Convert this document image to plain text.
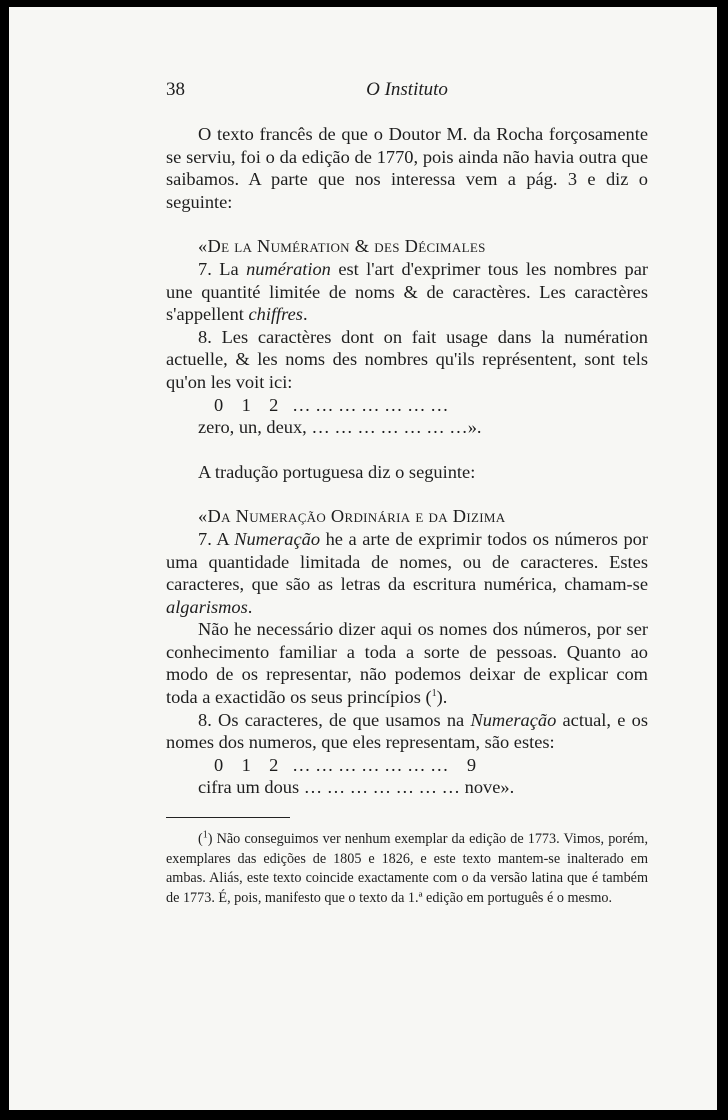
38	O Instituto

O texto francês de que o Doutor M. da Rocha forçosamente se serviu, foi o da edição de 1770, pois ainda não havia outra que saibamos. A parte que nos interessa vem a pág. 3 e diz o seguinte:

«De la Numération & des Décimales

7. La numération est l'art d'exprimer tous les nombres par une quantité limitée de noms & de caractères. Les caractères s'appellent chiffres.

8. Les caractères dont on fait usage dans la numération actuelle, & les noms des nombres qu'ils représentent, sont tels qu'on les voit ici:

0    1    2   … … … … … … …

zero, un, deux, … … … … … … …».

A tradução portuguesa diz o seguinte:

«Da Numeração Ordinária e da Dizima

7. A Numeração he a arte de exprimir todos os números por uma quantidade limitada de nomes, ou de caracteres. Estes caracteres, que são as letras da escritura numérica, chamam-se algarismos.

Não he necessário dizer aqui os nomes dos números, por ser conhecimento familiar a toda a sorte de pessoas. Quanto ao modo de os representar, não podemos deixar de explicar com toda a exactidão os seus princípios ($^1$).

8. Os caracteres, de que usamos na Numeração actual, e os nomes dos numeros, que eles representam, são estes:

0    1    2   … … … … … … …    9

cifra um dous … … … … … … … nove».

($^1$) Não conseguimos ver nenhum exemplar da edição de 1773. Vimos, porém, exemplares das edições de 1805 e 1826, e este texto mantem-se inalterado em ambas. Aliás, este texto coincide exactamente com o da versão latina que é também de 1773. É, pois, manifesto que o texto da 1.ª edição em português é o mesmo.
